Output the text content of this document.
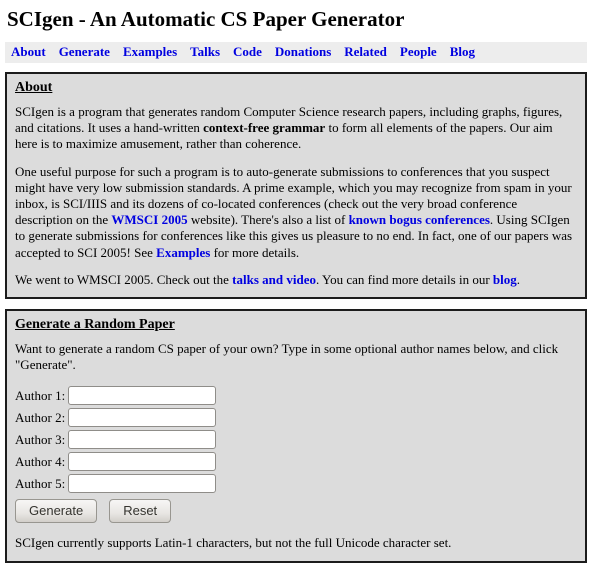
SCIgen - An Automatic CS Paper Generator
About Generate Examples Talks Code Donations Related People Blog
About

SCIgen is a program that generates random Computer Science research papers, including graphs, figures, and citations. It uses a hand-written context-free grammar to form all elements of the papers. Our aim here is to maximize amusement, rather than coherence.

One useful purpose for such a program is to auto-generate submissions to conferences that you suspect might have very low submission standards. A prime example, which you may recognize from spam in your inbox, is SCI/IIIS and its dozens of co-located conferences (check out the very broad conference description on the WMSCI 2005 website). There's also a list of known bogus conferences. Using SCIgen to generate submissions for conferences like this gives us pleasure to no end. In fact, one of our papers was accepted to SCI 2005! See Examples for more details.

We went to WMSCI 2005. Check out the talks and video. You can find more details in our blog.

Generate a Random Paper

Want to generate a random CS paper of your own? Type in some optional author names below, and click "Generate".

Author 1:
Author 2:
Author 3:
Author 4:
Author 5:
Generate	Reset

SCIgen currently supports Latin-1 characters, but not the full Unicode character set.
